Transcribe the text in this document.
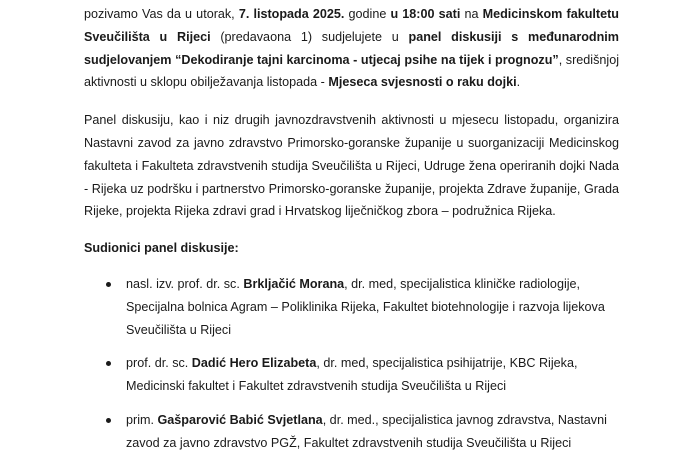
pozivamo Vas da u utorak, 7. listopada 2025. godine u 18:00 sati na Medicinskom fakultetu Sveučilišta u Rijeci (predavaona 1) sudjelujete u panel diskusiji s međunarodnim sudjelovanjem “Dekodiranje tajni karcinoma - utjecaj psihe na tijek i prognozu”, središnjoj aktivnosti u sklopu obilježavanja listopada - Mjeseca svjesnosti o raku dojki.

Panel diskusiju, kao i niz drugih javnozdravstvenih aktivnosti u mjesecu listopadu, organizira Nastavni zavod za javno zdravstvo Primorsko-goranske županije u suorganizaciji Medicinskog fakulteta i Fakulteta zdravstvenih studija Sveučilišta u Rijeci, Udruge žena operiranih dojki Nada - Rijeka uz podršku i partnerstvo Primorsko-goranske županije, projekta Zdrave županije, Grada Rijeke, projekta Rijeka zdravi grad i Hrvatskog liječničkog zbora – podružnica Rijeka.

Sudionici panel diskusije:

nasl. izv. prof. dr. sc. Brkljačić Morana, dr. med, specijalistica kliničke radiologije, Specijalna bolnica Agram – Poliklinika Rijeka, Fakultet biotehnologije i razvoja lijekova Sveučilišta u Rijeci
prof. dr. sc. Dadić Hero Elizabeta, dr. med, specijalistica psihijatrije, KBC Rijeka, Medicinski fakultet i Fakultet zdravstvenih studija Sveučilišta u Rijeci
prim. Gašparović Babić Svjetlana, dr. med., specijalistica javnog zdravstva, Nastavni zavod za javno zdravstvo PGŽ, Fakultet zdravstvenih studija Sveučilišta u Rijeci
